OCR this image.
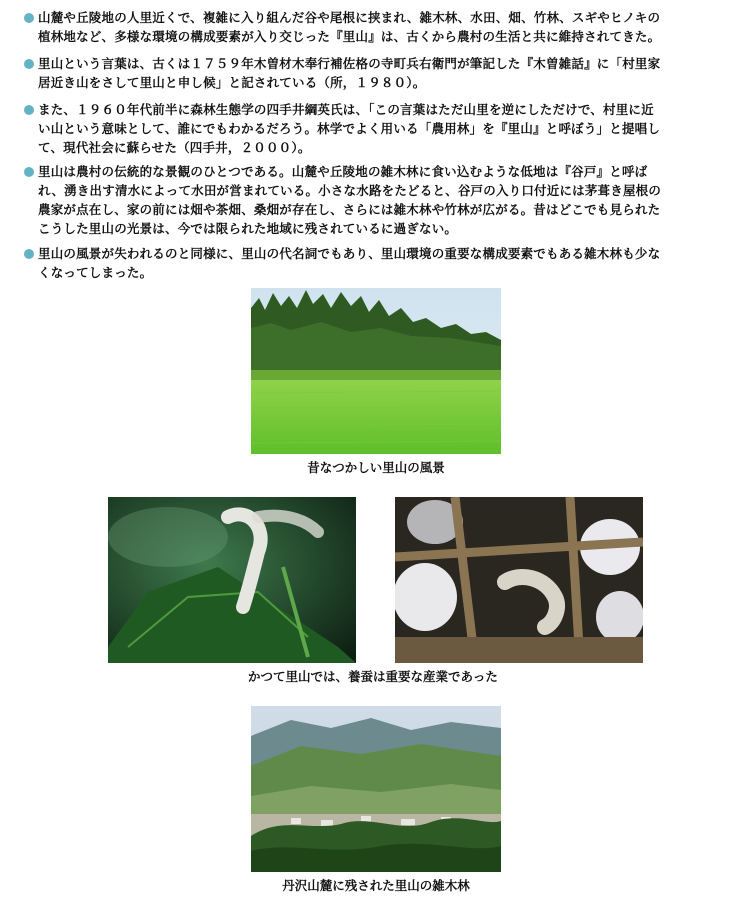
山麓や丘陵地の人里近くで、複雑に入り組んだ谷や尾根に挟まれ、雑木林、水田、畑、竹林、スギやヒノキの
植林地など、多様な環境の構成要素が入り交じった『里山』は、古くから農村の生活と共に維持されてきた。
里山という言葉は、古くは１７５９年木曽材木奉行補佐格の寺町兵右衛門が筆記した『木曽雑話』に「村里家
居近き山をさして里山と申し候」と記されている（所，１９８０）。
また、１９６０年代前半に森林生態学の四手井綱英氏は、「この言葉はただ山里を逆にしただけで、村里に近
い山という意味として、誰にでもわかるだろう。林学でよく用いる「農用林」を『里山』と呼ぼう」と提唱し
て、現代社会に蘇らせた（四手井，２０００）。
里山は農村の伝統的な景観のひとつである。山麓や丘陵地の雑木林に食い込むような低地は『谷戸』と呼ば
れ、湧き出す清水によって水田が営まれている。小さな水路をたどると、谷戸の入り口付近には茅葺き屋根の
農家が点在し、家の前には畑や茶畑、桑畑が存在し、さらには雑木林や竹林が広がる。昔はどこでも見られた
こうした里山の光景は、今では限られた地域に残されているに過ぎない。
里山の風景が失われるのと同様に、里山の代名詞でもあり、里山環境の重要な構成要素でもある雑木林も少な
くなってしまった。
昔なつかしい里山の風景
かつて里山では、養蚕は重要な産業であった
丹沢山麓に残された里山の雑木林
